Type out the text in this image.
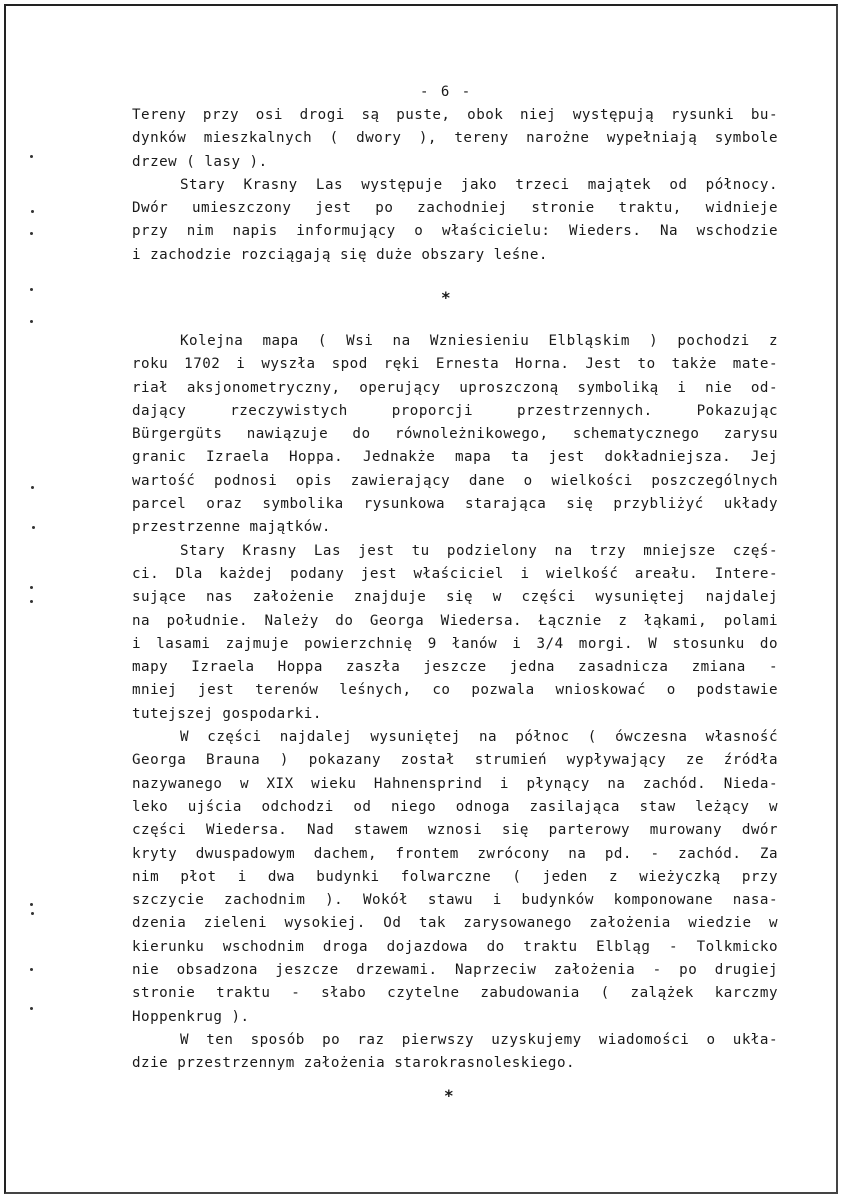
- 6 -
Tereny przy osi drogi są puste, obok niej występują rysunki bu-
dynków mieszkalnych ( dwory ), tereny narożne wypełniają symbole
drzew ( lasy ).
Stary Krasny Las występuje jako trzeci majątek od północy.
Dwór umieszczony jest po zachodniej stronie traktu, widnieje
przy nim napis informujący o właścicielu: Wieders. Na wschodzie
i zachodzie rozciągają się duże obszary leśne.
*
Kolejna mapa ( Wsi na Wzniesieniu Elbląskim ) pochodzi z
roku 1702 i wyszła spod ręki Ernesta Horna. Jest to także mate-
riał aksjonometryczny, operujący uproszczoną symboliką i nie od-
dający rzeczywistych proporcji przestrzennych. Pokazując
Bürgergüts nawiązuje do równoleżnikowego, schematycznego zarysu
granic Izraela Hoppa. Jednakże mapa ta jest dokładniejsza. Jej
wartość podnosi opis zawierający dane o wielkości poszczególnych
parcel oraz symbolika rysunkowa starająca się przybliżyć układy
przestrzenne majątków.
Stary Krasny Las jest tu podzielony na trzy mniejsze częś-
ci. Dla każdej podany jest właściciel i wielkość areału. Intere-
sujące nas założenie znajduje się w części wysuniętej najdalej
na południe. Należy do Georga Wiedersa. Łącznie z łąkami, polami
i lasami zajmuje powierzchnię 9 łanów i 3/4 morgi. W stosunku do
mapy Izraela Hoppa zaszła jeszcze jedna zasadnicza zmiana -
mniej jest terenów leśnych, co pozwala wnioskować o podstawie
tutejszej gospodarki.
W części najdalej wysuniętej na północ ( ówczesna własność
Georga Brauna ) pokazany został strumień wypływający ze źródła
nazywanego w XIX wieku Hahnensprind i płynący na zachód. Nieda-
leko ujścia odchodzi od niego odnoga zasilająca staw leżący w
części Wiedersa. Nad stawem wznosi się parterowy murowany dwór
kryty dwuspadowym dachem, frontem zwrócony na pd. - zachód. Za
nim płot i dwa budynki folwarczne ( jeden z wieżyczką przy
szczycie zachodnim ). Wokół stawu i budynków komponowane nasa-
dzenia zieleni wysokiej. Od tak zarysowanego założenia wiedzie w
kierunku wschodnim droga dojazdowa do traktu Elbląg - Tolkmicko
nie obsadzona jeszcze drzewami. Naprzeciw założenia - po drugiej
stronie traktu - słabo czytelne zabudowania ( zalążek karczmy
Hoppenkrug ).
W ten sposób po raz pierwszy uzyskujemy wiadomości o ukła-
dzie przestrzennym założenia starokrasnoleskiego.
*
